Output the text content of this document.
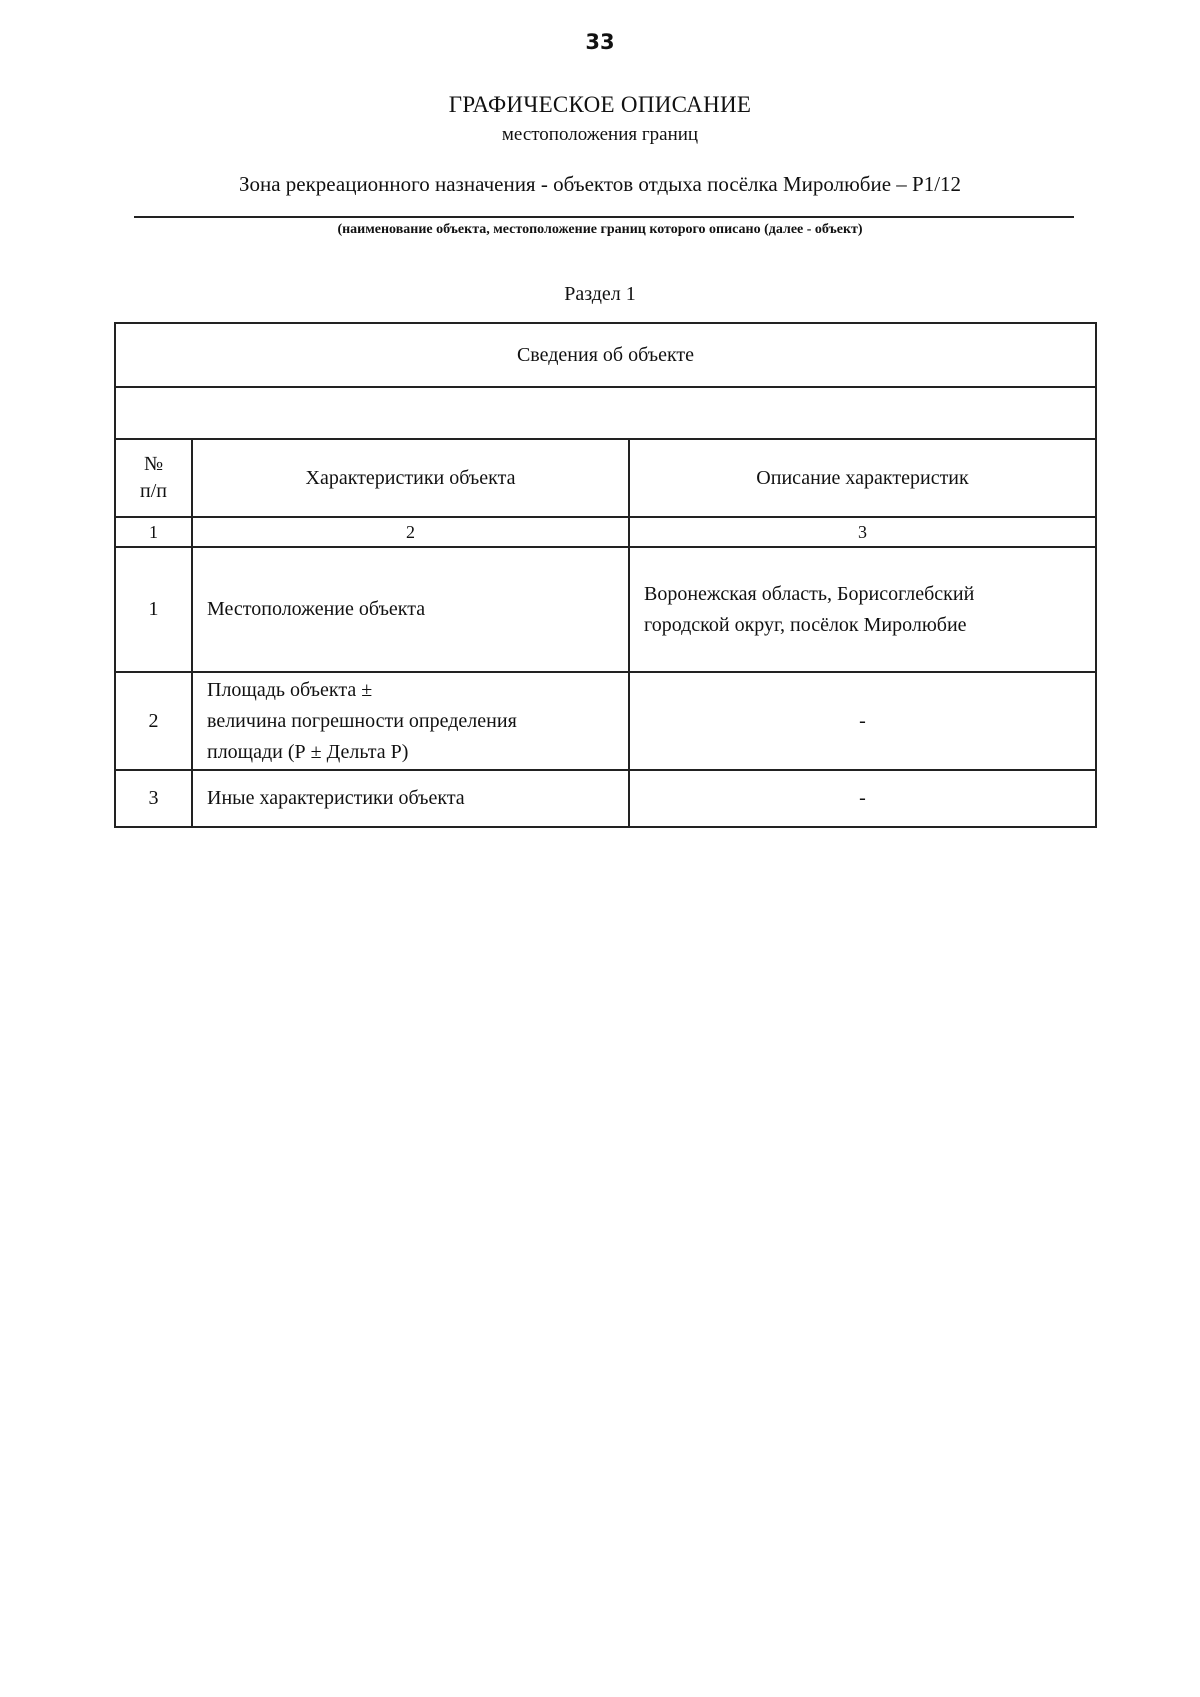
33
ГРАФИЧЕСКОЕ ОПИСАНИЕ
местоположения границ
Зона рекреационного назначения - объектов отдыха посёлка Миролюбие – Р1/12
(наименование объекта, местоположение границ которого описано (далее - объект)
Раздел 1
Сведения об объекте		

№
п/п	Характеристики объекта	Описание характеристик
1	2	3
1	Местоположение объекта	Воронежская область, Борисоглебский
городской округ, посёлок Миролюбие

2	Площадь объекта ±
величина погрешности определения
площади (Р ± Дельта Р)	-
3	Иные характеристики объекта	-
